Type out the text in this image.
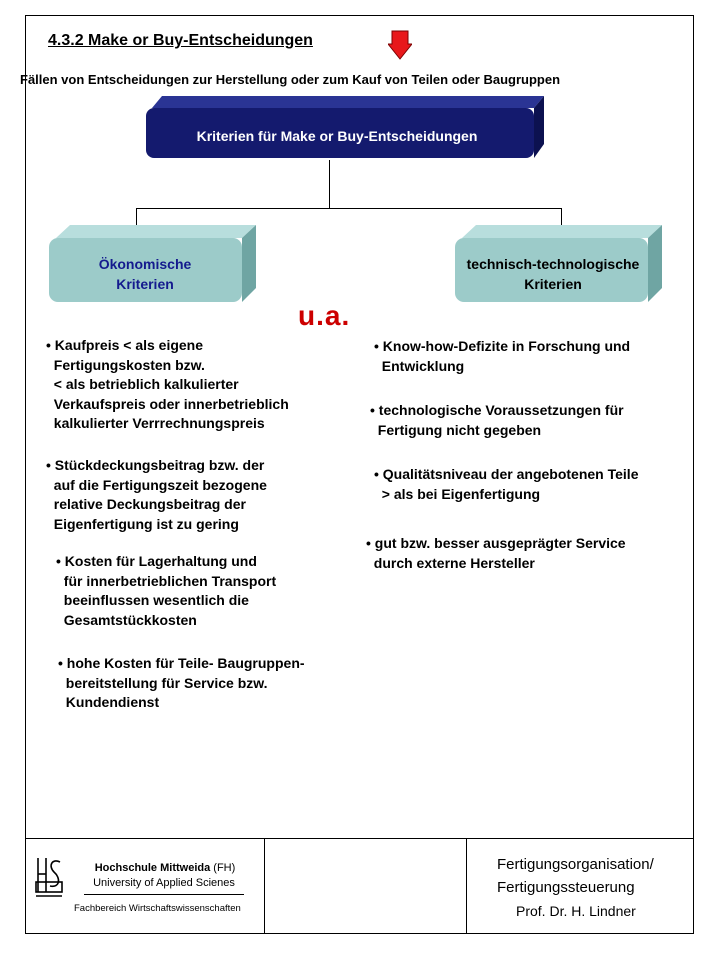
4.3.2 Make or Buy-Entscheidungen
Fällen von Entscheidungen zur Herstellung oder zum Kauf von Teilen oder Baugruppen
Kriterien für Make or Buy-Entscheidungen
Ökonomische
Kriterien
technisch-technologische
Kriterien
u.a.
• Kaufpreis < als eigene
Fertigungskosten bzw.
< als betrieblich kalkulierter
Verkaufspreis oder innerbetrieblich
kalkulierter Verrrechnungspreis
• Stückdeckungsbeitrag bzw. der
auf die Fertigungszeit bezogene
relative Deckungsbeitrag der
Eigenfertigung ist zu gering
• Kosten für Lagerhaltung und
für innerbetrieblichen Transport
beeinflussen wesentlich die
Gesamtstückkosten
• hohe Kosten für Teile- Baugruppen-
bereitstellung für Service bzw.
Kundendienst
• Know-how-Defizite in Forschung und
Entwicklung
• technologische Voraussetzungen für
Fertigung nicht gegeben
• Qualitätsniveau der angebotenen Teile
> als bei Eigenfertigung
• gut bzw. besser ausgeprägter Service
durch externe Hersteller
Hochschule Mittweida (FH)
University of Applied Scienes
Fachbereich Wirtschaftswissenschaften
Fertigungsorganisation/
Fertigungssteuerung
Prof. Dr. H. Lindner
